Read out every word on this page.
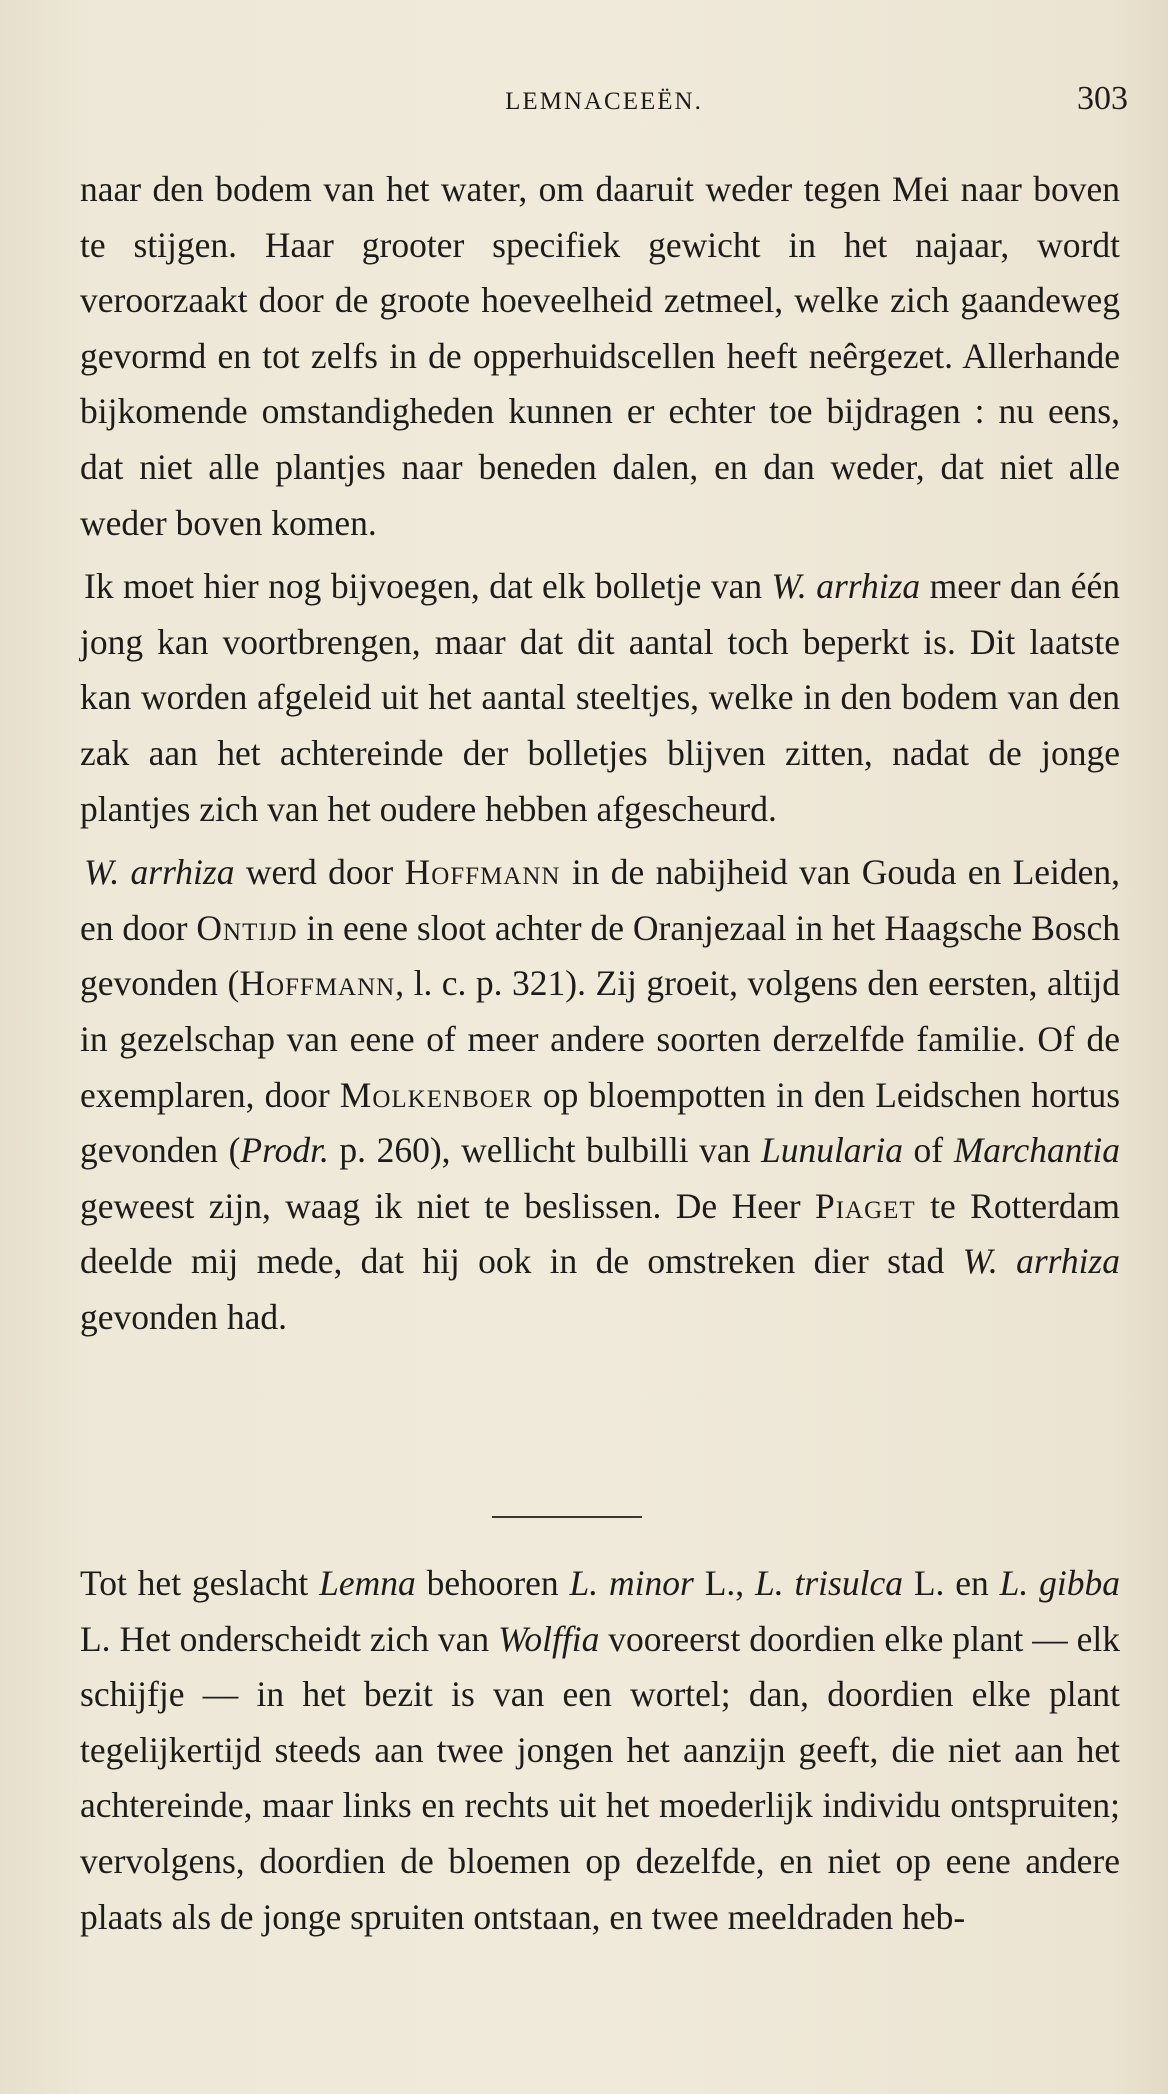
LEMNACEEËN.	303

naar den bodem van het water, om daaruit weder tegen Mei naar boven te stijgen. Haar grooter specifiek gewicht in het najaar, wordt veroorzaakt door de groote hoeveelheid zetmeel, welke zich gaandeweg gevormd en tot zelfs in de opperhuidscellen heeft neêrgezet. Allerhande bijkomende omstandigheden kunnen er echter toe bijdragen : nu eens, dat niet alle plantjes naar beneden dalen, en dan weder, dat niet alle weder boven komen.

Ik moet hier nog bijvoegen, dat elk bolletje van W. arrhiza meer dan één jong kan voortbrengen, maar dat dit aantal toch beperkt is. Dit laatste kan worden afgeleid uit het aantal steeltjes, welke in den bodem van den zak aan het achtereinde der bolletjes blijven zitten, nadat de jonge plantjes zich van het oudere hebben afgescheurd.

W. arrhiza werd door Hoffmann in de nabijheid van Gouda en Leiden, en door Ontijd in eene sloot achter de Oranjezaal in het Haagsche Bosch gevonden (Hoffmann, l. c. p. 321). Zij groeit, volgens den eersten, altijd in gezelschap van eene of meer andere soorten derzelfde familie. Of de exemplaren, door Molkenboer op bloempotten in den Leidschen hortus gevonden (Prodr. p. 260), wellicht bulbilli van Lunularia of Marchantia geweest zijn, waag ik niet te beslissen. De Heer Piaget te Rotterdam deelde mij mede, dat hij ook in de omstreken dier stad W. arrhiza gevonden had.

Tot het geslacht Lemna behooren L. minor L., L. trisulca L. en L. gibba L. Het onderscheidt zich van Wolffia vooreerst doordien elke plant — elk schijfje — in het bezit is van een wortel; dan, doordien elke plant tegelijkertijd steeds aan twee jongen het aanzijn geeft, die niet aan het achtereinde, maar links en rechts uit het moederlijk individu ontspruiten; vervolgens, doordien de bloemen op dezelfde, en niet op eene andere plaats als de jonge spruiten ontstaan, en twee meeldraden heb-
